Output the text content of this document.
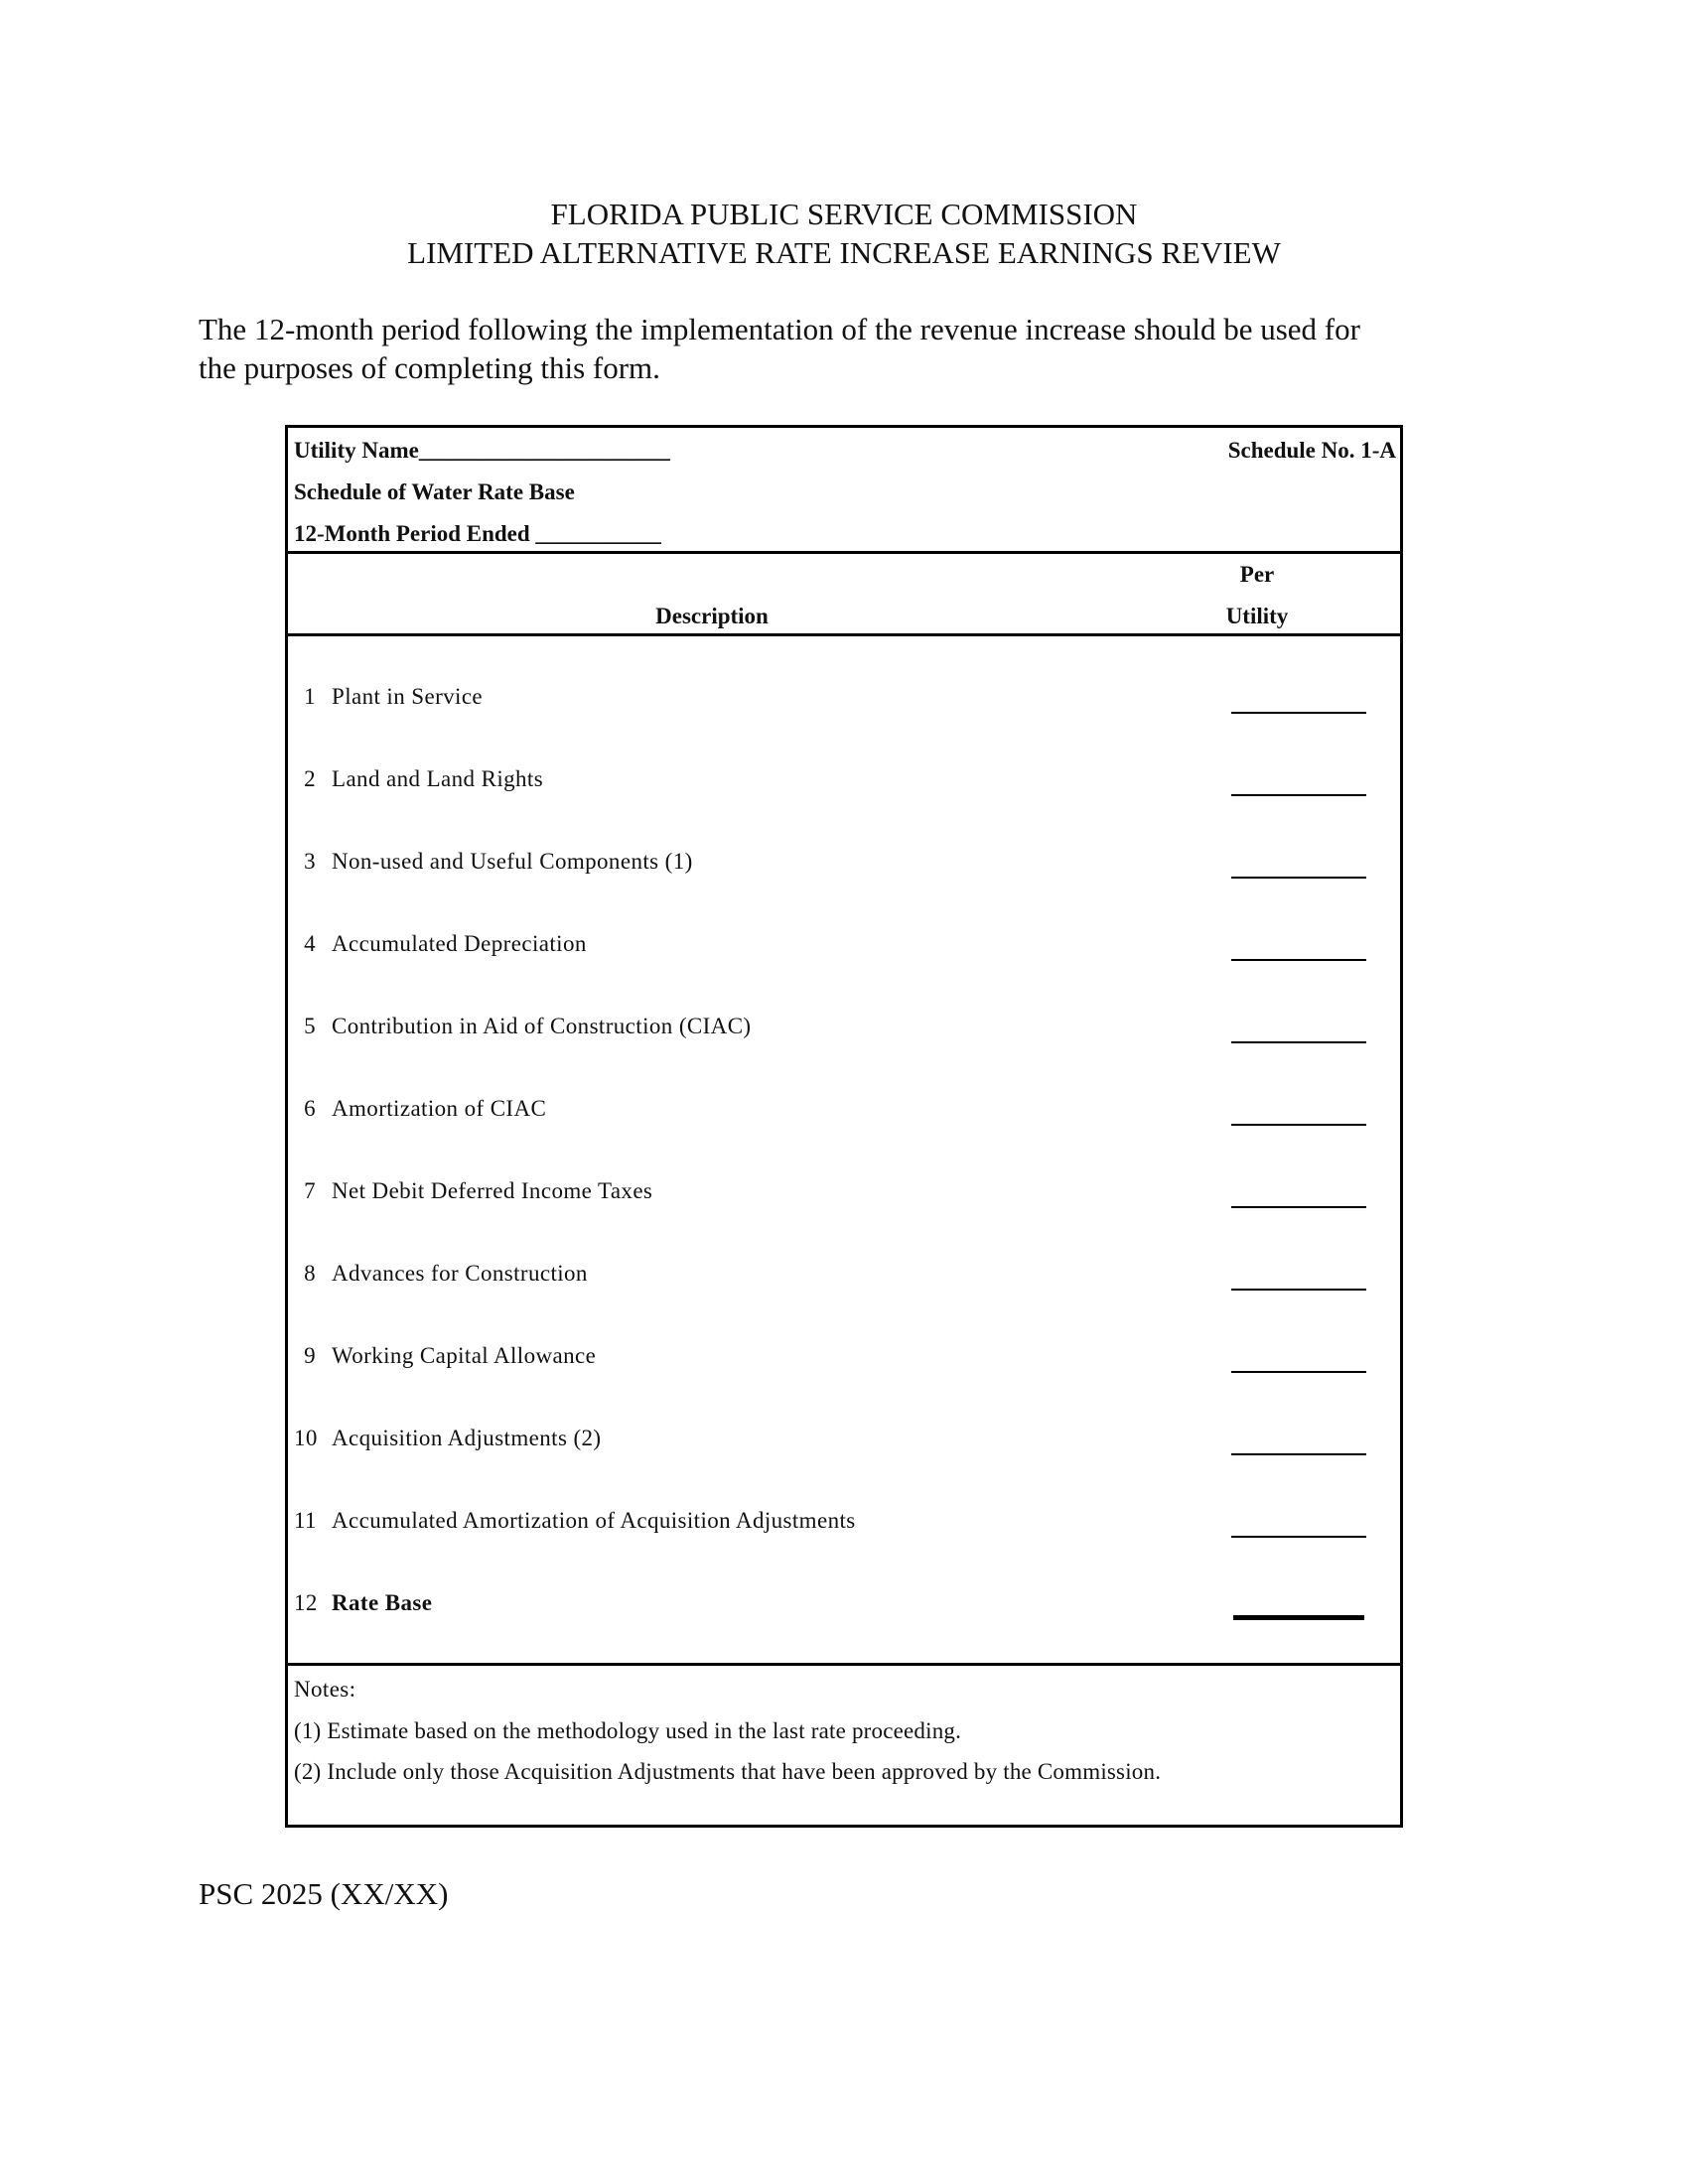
FLORIDA PUBLIC SERVICE COMMISSION
LIMITED ALTERNATIVE RATE INCREASE EARNINGS REVIEW
The 12-month period following the implementation of the revenue increase should be used for
the purposes of completing this form.
Utility Name______________________	Schedule No. 1-A
Schedule of Water Rate Base
12-Month Period Ended ___________
Per
Utility
Description
1 Plant in Service
2 Land and Land Rights
3 Non-used and Useful Components (1)
4 Accumulated Depreciation
5 Contribution in Aid of Construction (CIAC)
6 Amortization of CIAC
7 Net Debit Deferred Income Taxes
8 Advances for Construction
9 Working Capital Allowance
10 Acquisition Adjustments (2)
11 Accumulated Amortization of Acquisition Adjustments
12 Rate Base
Notes:
(1) Estimate based on the methodology used in the last rate proceeding.
(2) Include only those Acquisition Adjustments that have been approved by the Commission.
PSC 2025 (XX/XX)
